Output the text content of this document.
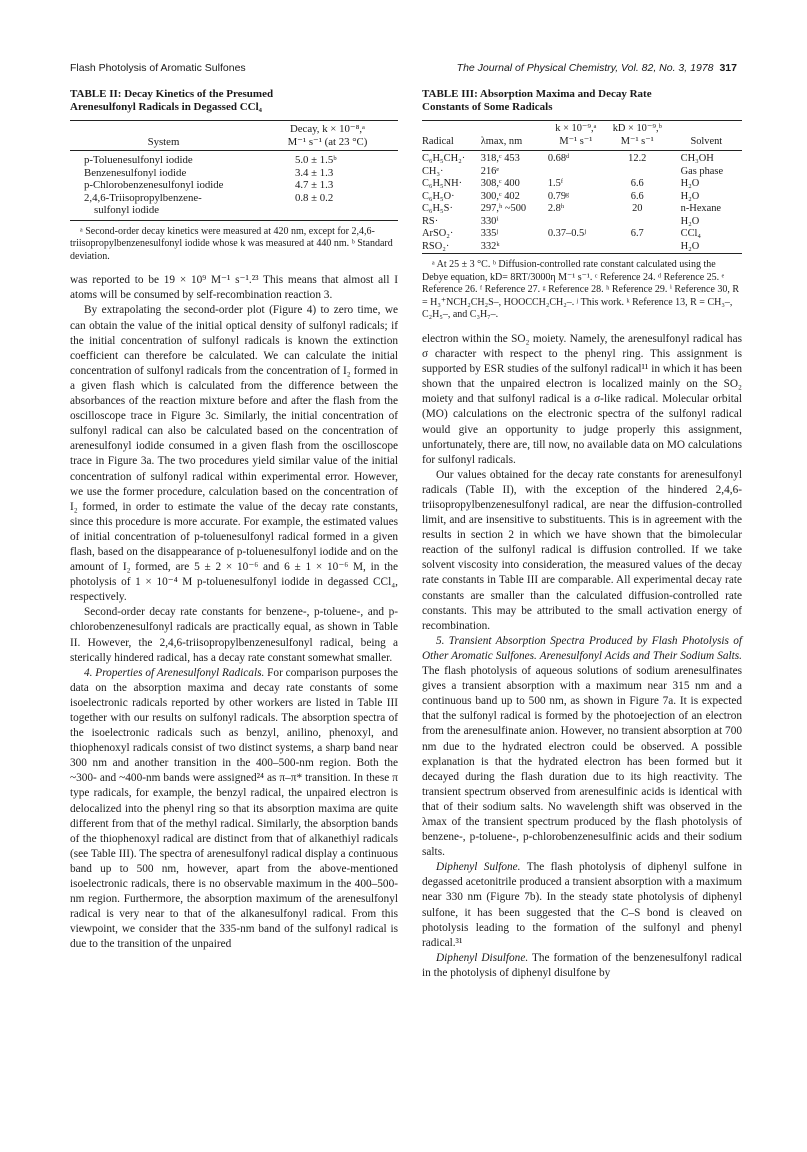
Flash Photolysis of Aromatic Sulfones	The Journal of Physical Chemistry, Vol. 82, No. 3, 1978 317
TABLE II: Decay Kinetics of the Presumed
Arenesulfonyl Radicals in Degassed CCl₄
	Decay, k × 10⁻⁸,ᵃ
System	M⁻¹ s⁻¹ (at 23 °C)
p-Toluenesulfonyl iodide	5.0 ± 1.5ᵇ
Benzenesulfonyl iodide	3.4 ± 1.3
p-Chlorobenzenesulfonyl iodide	4.7 ± 1.3
2,4,6-Triisopropylbenzene-	0.8 ± 0.2
sulfonyl iodide	

ᵃ Second-order decay kinetics were measured at 420 nm, except for 2,4,6-triisopropylbenzenesulfonyl iodide whose k was measured at 440 nm. ᵇ Standard deviation.

was reported to be 19 × 10⁹ M⁻¹ s⁻¹.²³ This means that almost all I atoms will be consumed by self-recombination reaction 3.

By extrapolating the second-order plot (Figure 4) to zero time, we can obtain the value of the initial optical density of sulfonyl radicals; if the initial concentration of sulfonyl radicals is known the extinction coefficient can therefore be calculated. We can calculate the initial concentration of sulfonyl radicals from the concentration of I₂ formed in a given flash which is calculated from the difference between the absorbances of the reaction mixture before and after the flash from the oscilloscope trace in Figure 3c. Similarly, the initial concentration of sulfonyl radical can also be calculated based on the concentration of arenesulfonyl iodide consumed in a given flash from the oscilloscope trace in Figure 3a. The two procedures yield similar value of the initial concentration of sulfonyl radical within experimental error. However, we use the former procedure, calculation based on the concentration of I₂ formed, in order to estimate the value of the decay rate constants, since this procedure is more accurate. For example, the estimated values of initial concentration of p-toluenesulfonyl radical formed in a given flash, based on the disappearance of p-toluenesulfonyl iodide and on the amount of I₂ formed, are 5 ± 2 × 10⁻⁶ and 6 ± 1 × 10⁻⁶ M, in the photolysis of 1 × 10⁻⁴ M p-toluenesulfonyl iodide in degassed CCl₄, respectively.

Second-order decay rate constants for benzene-, p-toluene-, and p-chlorobenzenesulfonyl radicals are practically equal, as shown in Table II. However, the 2,4,6-triisopropylbenzenesulfonyl radical, being a sterically hindered radical, has a decay rate constant somewhat smaller.

4. Properties of Arenesulfonyl Radicals. For comparison purposes the data on the absorption maxima and decay rate constants of some isoelectronic radicals reported by other workers are listed in Table III together with our results on sulfonyl radicals. The absorption spectra of the isoelectronic radicals such as benzyl, anilino, phenoxyl, and thiophenoxyl radicals consist of two distinct systems, a sharp band near 300 nm and another transition in the 400–500-nm region. Both the ~300- and ~400-nm bands were assigned²⁴ as π–π* transition. In these π type radicals, for example, the benzyl radical, the unpaired electron is delocalized into the phenyl ring so that its absorption maxima are quite different from that of the methyl radical. Similarly, the absorption bands of the thiophenoxyl radical are distinct from that of alkanethiyl radicals (see Table III). The spectra of arenesulfonyl radical display a continuous band up to 500 nm, however, apart from the above-mentioned isoelectronic radicals, there is no observable maximum in the 400–500-nm region. Furthermore, the absorption maximum of the arenesulfonyl radical is very near to that of the alkanesulfonyl radical. From this viewpoint, we consider that the 335-nm band of the sulfonyl radical is due to the transition of the unpaired

TABLE III: Absorption Maxima and Decay Rate
Constants of Some Radicals
		k × 10⁻⁹,ᵃ	kD × 10⁻⁹,ᵇ	
Radical	λmax, nm	M⁻¹ s⁻¹	M⁻¹ s⁻¹	Solvent
C₆H₅CH₂·	318,ᶜ 453	0.68ᵈ	12.2	CH₃OH
CH₃·	216ᵉ			Gas phase
C₆H₅NH·	308,ᶜ 400	1.5ᶠ	6.6	H₂O
C₆H₅O·	300,ᶜ 402	0.79ᵍ	6.6	H₂O
C₆H₅S·	297,ʰ ~500	2.8ʰ	20	n-Hexane
RS·	330ⁱ			H₂O
ArSO₂·	335ʲ	0.37–0.5ʲ	6.7	CCl₄
RSO₂·	332ᵏ			H₂O

ᵃ At 25 ± 3 °C. ᵇ Diffusion-controlled rate constant calculated using the Debye equation, kD= 8RT/3000η M⁻¹ s⁻¹. ᶜ Reference 24. ᵈ Reference 25. ᵉ Reference 26. ᶠ Reference 27. ᵍ Reference 28. ʰ Reference 29. ⁱ Reference 30, R = H₃⁺NCH₂CH₂S–, HOOCCH₂CH₂–. ʲ This work. ᵏ Reference 13, R = CH₃–, C₂H₅–, and C₃H₇–.

electron within the SO₂ moiety. Namely, the arenesulfonyl radical has σ character with respect to the phenyl ring. This assignment is supported by ESR studies of the sulfonyl radical¹¹ in which it has been shown that the unpaired electron is localized mainly on the SO₂ moiety and that sulfonyl radical is a σ-like radical. Molecular orbital (MO) calculations on the electronic spectra of the sulfonyl radical would give an opportunity to judge properly this assignment, unfortunately, there are, till now, no available data on MO calculations for sulfonyl radicals.

Our values obtained for the decay rate constants for arenesulfonyl radicals (Table II), with the exception of the hindered 2,4,6-triisopropylbenzenesulfonyl radical, are near the diffusion-controlled limit, and are insensitive to substituents. This is in agreement with the results in section 2 in which we have shown that the bimolecular reaction of the sulfonyl radical is diffusion controlled. If we take solvent viscosity into consideration, the measured values of the decay rate constants in Table III are comparable. All experimental decay rate constants are smaller than the calculated diffusion-controlled rate constants. This may be attributed to the small activation energy of recombination.

5. Transient Absorption Spectra Produced by Flash Photolysis of Other Aromatic Sulfones. Arenesulfonyl Acids and Their Sodium Salts. The flash photolysis of aqueous solutions of sodium arenesulfinates gives a transient absorption with a maximum near 315 nm and a continuous band up to 500 nm, as shown in Figure 7a. It is expected that the sulfonyl radical is formed by the photoejection of an electron from the arenesulfinate anion. However, no transient absorption at 700 nm due to the hydrated electron could be observed. A possible explanation is that the hydrated electron has been formed but it decayed during the flash duration due to its high reactivity. The transient spectrum observed from arenesulfinic acids is identical with that of their sodium salts. No wavelength shift was observed in the λmax of the transient spectrum produced by the flash photolysis of benzene-, p-toluene-, p-chlorobenzenesulfinic acids and their sodium salts.

Diphenyl Sulfone. The flash photolysis of diphenyl sulfone in degassed acetonitrile produced a transient absorption with a maximum near 330 nm (Figure 7b). In the steady state photolysis of diphenyl sulfone, it has been suggested that the C–S bond is cleaved on photolysis leading to the formation of the sulfonyl and phenyl radical.³¹

Diphenyl Disulfone. The formation of the benzenesulfonyl radical in the photolysis of diphenyl disulfone by
